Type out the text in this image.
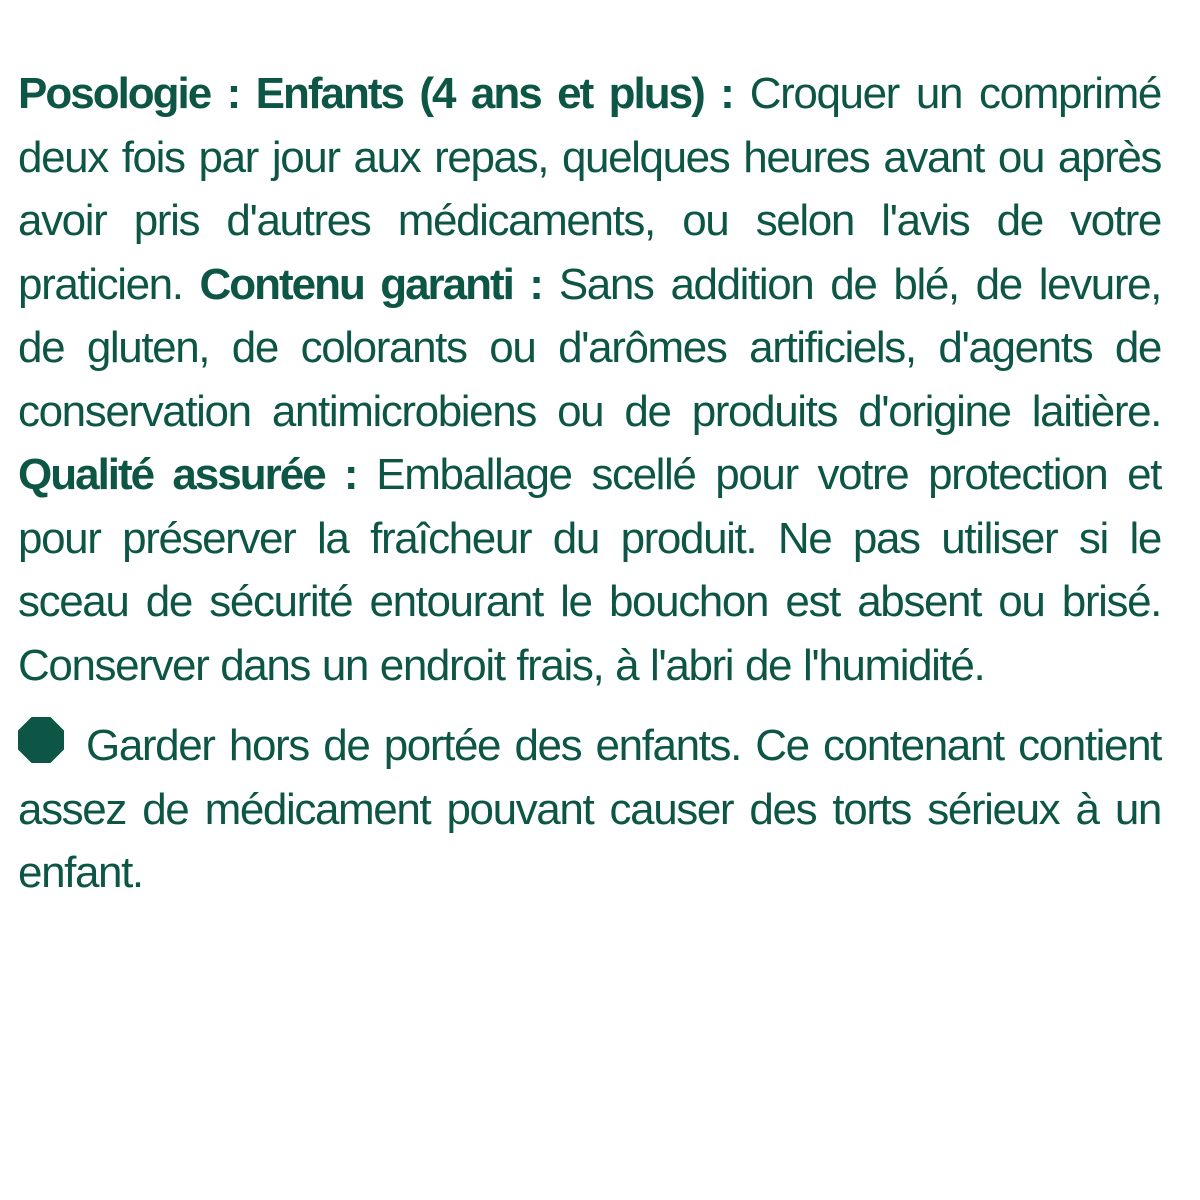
Posologie : Enfants (4 ans et plus) : Croquer un comprimé deux fois par jour aux repas, quelques heures avant ou après avoir pris d'autres médicaments, ou selon l'avis de votre praticien. Contenu garanti : Sans addition de blé, de levure, de gluten, de colorants ou d'arômes artificiels, d'agents de conservation antimicrobiens ou de produits d'origine laitière. Qualité assurée : Emballage scellé pour votre protection et pour préserver la fraîcheur du produit. Ne pas utiliser si le sceau de sécurité entourant le bouchon est absent ou brisé. Conserver dans un endroit frais, à l'abri de l'humidité.

Garder hors de portée des enfants. Ce contenant contient assez de médicament pouvant causer des torts sérieux à un enfant.
